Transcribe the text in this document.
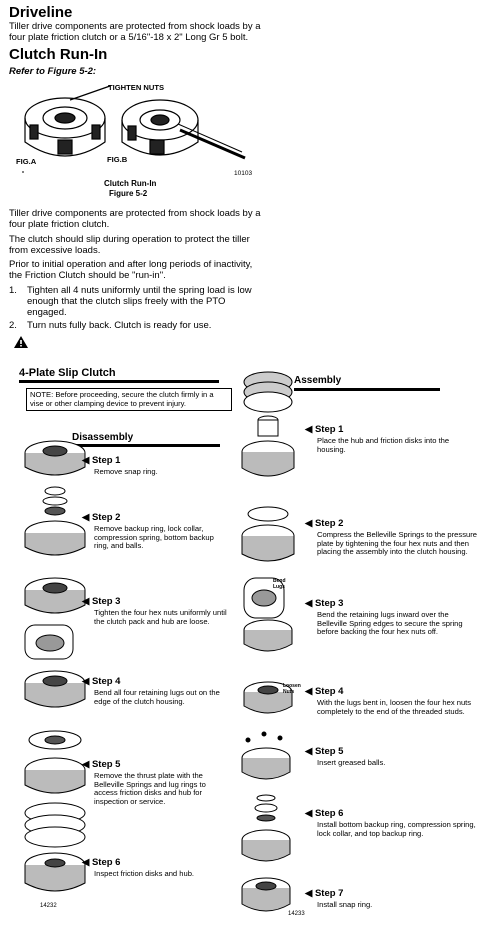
Driveline
Tiller drive components are protected from shock loads by a four plate friction clutch or a 5/16"-18 x 2" Long Gr 5 bolt.
Clutch Run-In
Refer to Figure 5-2:
TIGHTEN NUTS
FIG.A	FIG.B
10103
Clutch Run-In
Figure 5-2
Tiller drive components are protected from shock loads by a four plate friction clutch.
The clutch should slip during operation to protect the tiller from excessive loads.
Prior to initial operation and after long periods of inactivity, the Friction Clutch should be "run-in".
1. Tighten all 4 nuts uniformly until the spring load is low enough that the clutch slips freely with the PTO engaged.
2. Turn nuts fully back. Clutch is ready for use.
4-Plate Slip Clutch
NOTE: Before proceeding, secure the clutch firmly in a vise or other clamping device to prevent injury.
Disassembly
Assembly
14232
Bend Lugs
Loosen Nuts
14233
◀ Step 1
Remove snap ring.
◀ Step 2
Remove backup ring, lock collar, compression spring, bottom backup ring, and balls.
◀ Step 3
Tighten the four hex nuts uniformly until the clutch pack and hub are loose.
◀ Step 4
Bend all four retaining lugs out on the edge of the clutch housing.
◀ Step 5
Remove the thrust plate with the Belleville Springs and lug rings to access friction disks and hub for inspection or service.
◀ Step 6
Inspect friction disks and hub.
◀ Step 1
Place the hub and friction disks into the housing.
◀ Step 2
Compress the Belleville Springs to the pressure plate by tightening the four hex nuts and then placing the assembly into the clutch housing.
◀ Step 3
Bend the retaining lugs inward over the Belleville Spring edges to secure the spring before backing the four hex nuts off.
◀ Step 4
With the lugs bent in, loosen the four hex nuts completely to the end of the threaded studs.
◀ Step 5
Insert greased balls.
◀ Step 6
Install bottom backup ring, compression spring, lock collar, and top backup ring.
◀ Step 7
Install snap ring.
